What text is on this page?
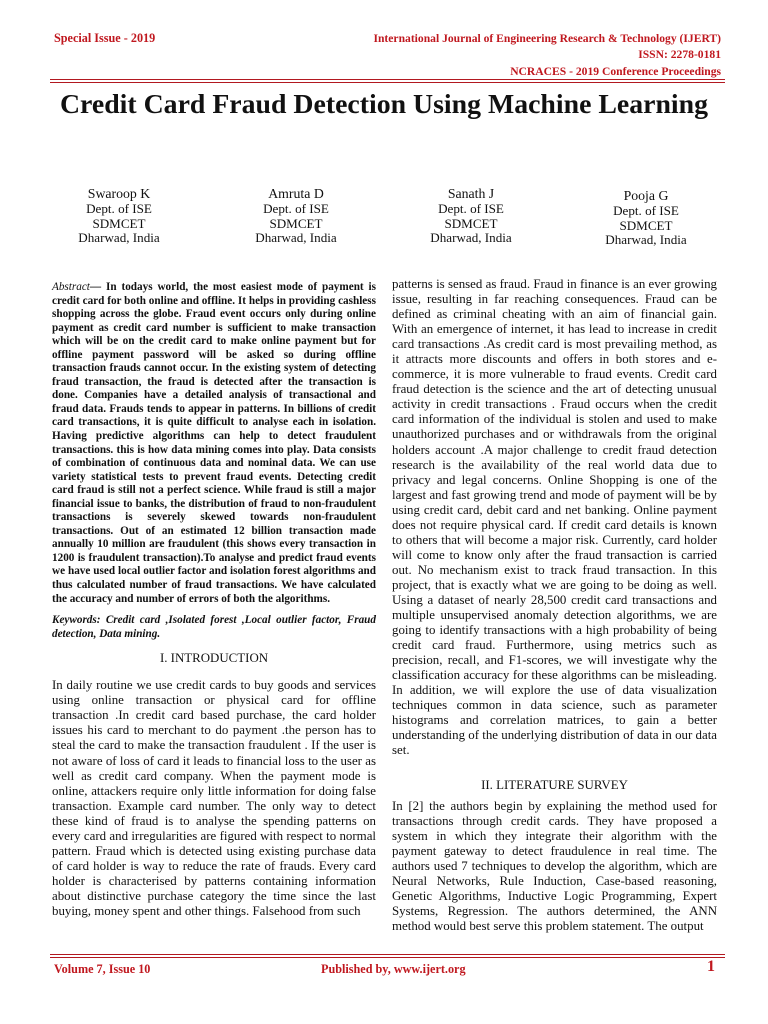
Special Issue - 2019	International Journal of Engineering Research & Technology (IJERT)
ISSN: 2278-0181
NCRACES - 2019 Conference Proceedings
Credit Card Fraud Detection Using Machine Learning
Swaroop K
Dept. of ISE
SDMCET
Dharwad, India
Amruta D
Dept. of ISE
SDMCET
Dharwad, India
Sanath J
Dept. of ISE
SDMCET
Dharwad, India
Pooja G
Dept. of ISE
SDMCET
Dharwad, India

Abstract— In todays world, the most easiest mode of payment is credit card for both online and offline. It helps in providing cashless shopping across the globe. Fraud event occurs only during online payment as credit card number is sufficient to make transaction which will be on the credit card to make online payment but for offline payment password will be asked so during offline transaction frauds cannot occur. In the existing system of detecting fraud transaction, the fraud is detected after the transaction is done. Companies have a detailed analysis of transactional and fraud data. Frauds tends to appear in patterns. In billions of credit card transactions, it is quite difficult to analyse each in isolation. Having predictive algorithms can help to detect fraudulent transactions. this is how data mining comes into play. Data consists of combination of continuous data and nominal data. We can use variety statistical tests to prevent fraud events. Detecting credit card fraud is still not a perfect science. While fraud is still a major financial issue to banks, the distribution of fraud to non-fraudulent transactions is severely skewed towards non-fraudulent transactions. Out of an estimated 12 billion transaction made annually 10 million are fraudulent (this shows every transaction in 1200 is fraudulent transaction).To analyse and predict fraud events we have used local outlier factor and isolation forest algorithms and thus calculated number of fraud transactions. We have calculated the accuracy and number of errors of both the algorithms.

Keywords: Credit card ,Isolated forest ,Local outlier factor, Fraud detection, Data mining.

I. INTRODUCTION

In daily routine we use credit cards to buy goods and services using online transaction or physical card for offline transaction .In credit card based purchase, the card holder issues his card to merchant to do payment .the person has to steal the card to make the transaction fraudulent . If the user is not aware of loss of card it leads to financial loss to the user as well as credit card company. When the payment mode is online, attackers require only little information for doing false transaction. Example card number. The only way to detect these kind of fraud is to analyse the spending patterns on every card and irregularities are figured with respect to normal pattern. Fraud which is detected using existing purchase data of card holder is way to reduce the rate of frauds. Every card holder is characterised by patterns containing information about distinctive purchase category the time since the last buying, money spent and other things. Falsehood from such

patterns is sensed as fraud. Fraud in finance is an ever growing issue, resulting in far reaching consequences. Fraud can be defined as criminal cheating with an aim of financial gain. With an emergence of internet, it has lead to increase in credit card transactions .As credit card is most prevailing method, as it attracts more discounts and offers in both stores and e-commerce, it is more vulnerable to fraud events. Credit card fraud detection is the science and the art of detecting unusual activity in credit transactions . Fraud occurs when the credit card information of the individual is stolen and used to make unauthorized purchases and or withdrawals from the original holders account .A major challenge to credit fraud detection research is the availability of the real world data due to privacy and legal concerns. Online Shopping is one of the largest and fast growing trend and mode of payment will be by using credit card, debit card and net banking. Online payment does not require physical card. If credit card details is known to others that will become a major risk. Currently, card holder will come to know only after the fraud transaction is carried out. No mechanism exist to track fraud transaction. In this project, that is exactly what we are going to be doing as well. Using a dataset of nearly 28,500 credit card transactions and multiple unsupervised anomaly detection algorithms, we are going to identify transactions with a high probability of being credit card fraud. Furthermore, using metrics such as precision, recall, and F1-scores, we will investigate why the classification accuracy for these algorithms can be misleading. In addition, we will explore the use of data visualization techniques common in data science, such as parameter histograms and correlation matrices, to gain a better understanding of the underlying distribution of data in our data set.

II. LITERATURE SURVEY

In [2] the authors begin by explaining the method used for transactions through credit cards. They have proposed a system in which they integrate their algorithm with the payment gateway to detect fraudulence in real time. The authors used 7 techniques to develop the algorithm, which are Neural Networks, Rule Induction, Case-based reasoning, Genetic Algorithms, Inductive Logic Programming, Expert Systems, Regression. The authors determined, the ANN method would best serve this problem statement. The output

Volume 7, Issue 10	Published by, www.ijert.org	1
